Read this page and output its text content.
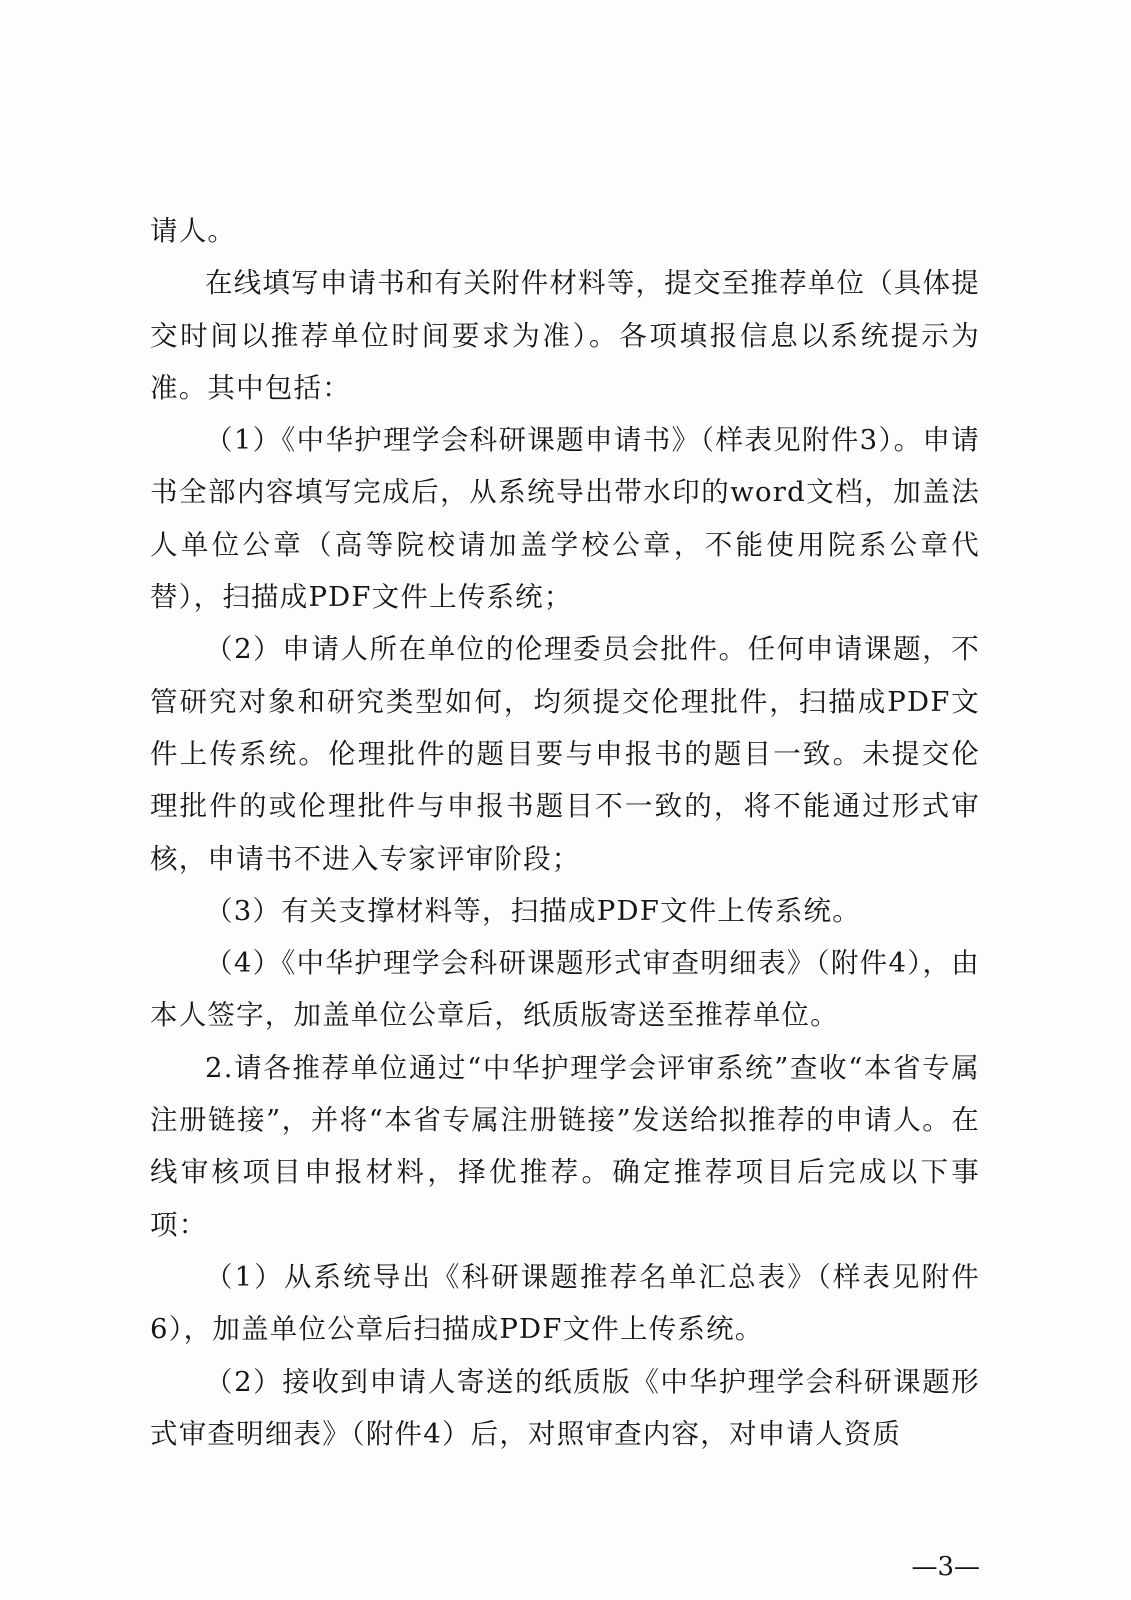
请人。

在线填写申请书和有关附件材料等，提交至推荐单位（具体提交时间以推荐单位时间要求为准）。各项填报信息以系统提示为准。其中包括：

（1）《中华护理学会科研课题申请书》（样表见附件3）。申请书全部内容填写完成后，从系统导出带水印的word文档，加盖法人单位公章（高等院校请加盖学校公章，不能使用院系公章代替），扫描成PDF文件上传系统；

（2）申请人所在单位的伦理委员会批件。任何申请课题，不管研究对象和研究类型如何，均须提交伦理批件，扫描成PDF文件上传系统。伦理批件的题目要与申报书的题目一致。未提交伦理批件的或伦理批件与申报书题目不一致的，将不能通过形式审核，申请书不进入专家评审阶段；

（3）有关支撑材料等，扫描成PDF文件上传系统。

（4）《中华护理学会科研课题形式审查明细表》（附件4），由本人签字，加盖单位公章后，纸质版寄送至推荐单位。

2.请各推荐单位通过“中华护理学会评审系统”查收“本省专属注册链接”，并将“本省专属注册链接”发送给拟推荐的申请人。在线审核项目申报材料，择优推荐。确定推荐项目后完成以下事项：

（1）从系统导出《科研课题推荐名单汇总表》（样表见附件6），加盖单位公章后扫描成PDF文件上传系统。

（2）接收到申请人寄送的纸质版《中华护理学会科研课题形式审查明细表》（附件4）后，对照审查内容，对申请人资质

—3—
